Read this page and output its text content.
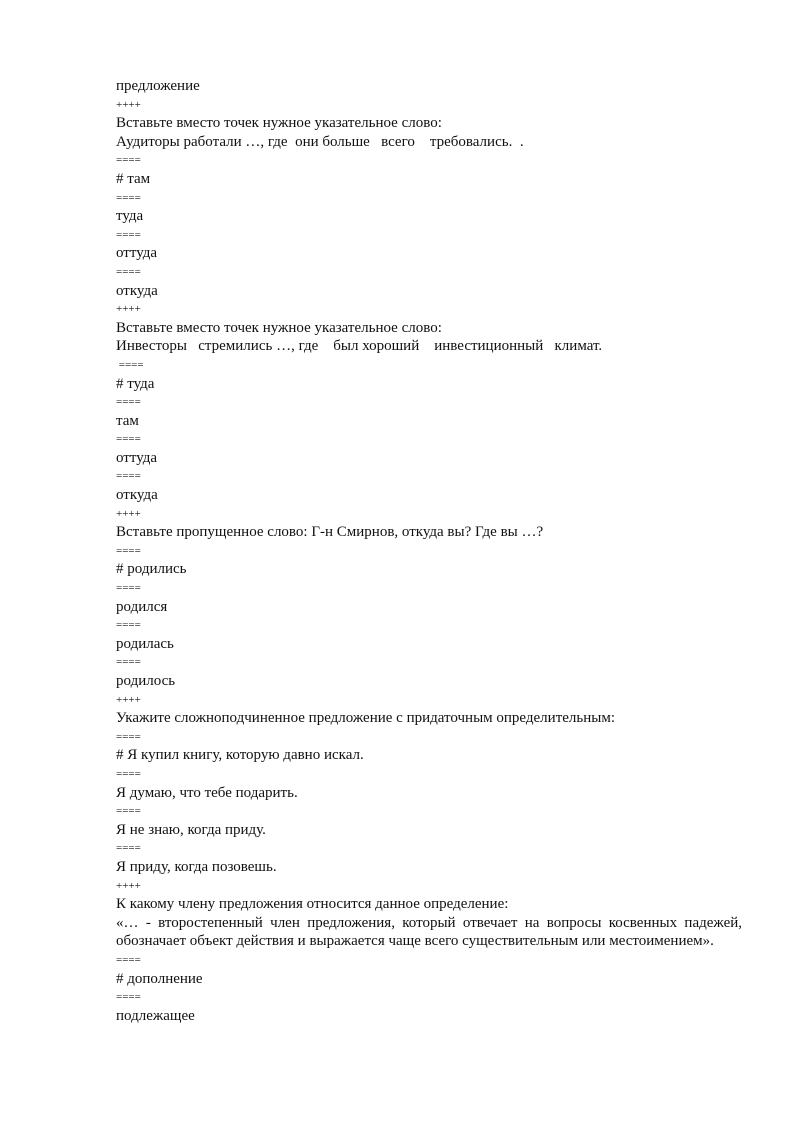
предложение
++++
Вставьте вместо точек нужное указательное слово:
Аудиторы работали …, где  они больше   всего    требовались.  .
====
# там
====
туда
====
оттуда
====
откуда
++++
Вставьте вместо точек нужное указательное слово:
Инвесторы   стремились …, где    был хороший    инвестиционный   климат.
====
# туда
====
там
====
оттуда
====
откуда
++++
Вставьте пропущенное слово: Г-н Смирнов, откуда вы? Где вы …?
====
# родились
====
родился
====
родилась
====
родилось
++++
Укажите сложноподчиненное предложение с придаточным определительным:
====
# Я купил книгу, которую давно искал.
====
Я думаю, что тебе подарить.
====
Я не знаю, когда приду.
====
Я приду, когда позовешь.
++++
К какому члену предложения относится данное определение:
«… - второстепенный член предложения, который отвечает на вопросы косвенных падежей, обозначает объект действия и выражается чаще всего существительным или местоимением».
====
# дополнение
====
подлежащее
